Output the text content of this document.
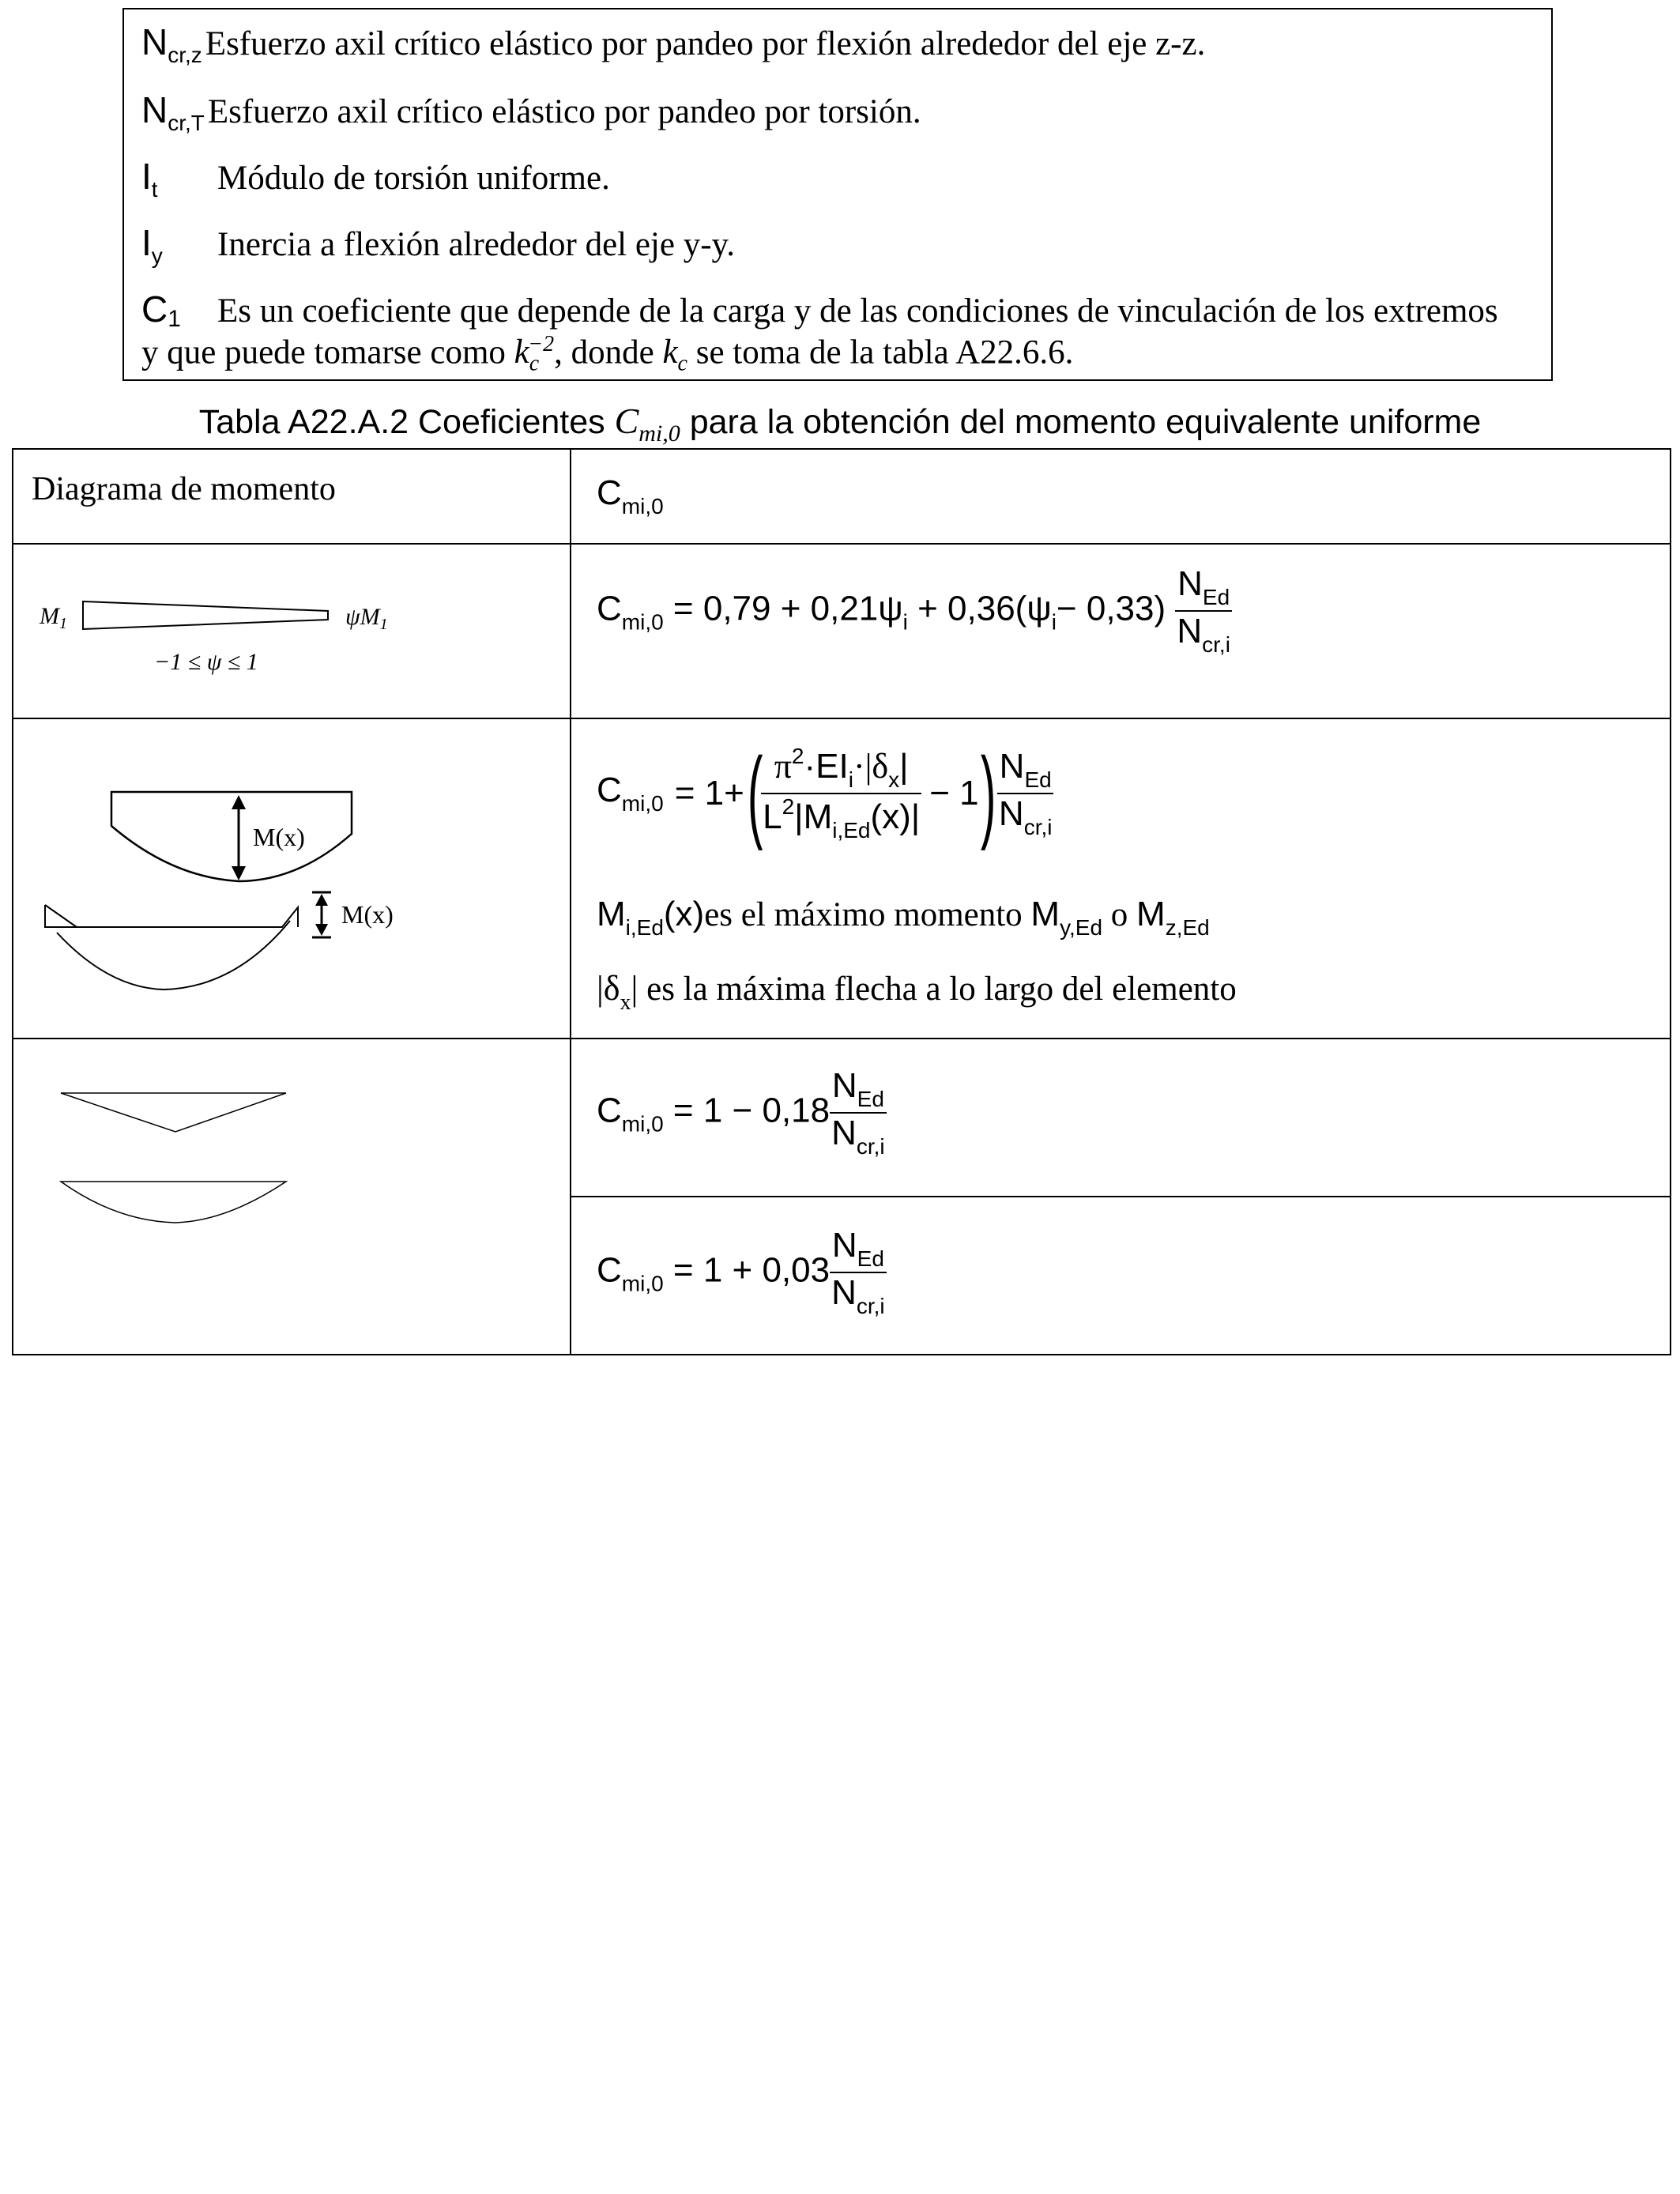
$N_{cr,z}$ Esfuerzo axil crítico elástico por pandeo por flexión alrededor del eje z-z.
$N_{cr,T}$ Esfuerzo axil crítico elástico por pandeo por torsión.
$I_t$ Módulo de torsión uniforme.
$I_y$ Inercia a flexión alrededor del eje y-y.
$C_1$ Es un coeficiente que depende de la carga y de las condiciones de vinculación de los extremos
y que puede tomarse como $k_c^{-2}$, donde $k_c$ se toma de la tabla A22.6.6.
Tabla A22.A.2 Coeficientes $C_{mi,0}$ para la obtención del momento equivalente uniforme
Diagrama de momento	$C_{mi,0}$
$M_1$	$\psi M_1$
−1 ≤ ψ ≤ 1
$C_{mi,0} = 0,79 + 0,21\psi_i + 0,36(\psi_i- 0,33) \frac{N_{Ed}}{N_{cr,i}}$
M(x)
M(x)
$C_{mi,0} = 1+$ (
$\frac{\pi^2\cdot EI_i\cdot|\delta_x|}{L^2|M_{i,Ed}(x)|} - 1$ ) $\frac{N_{Ed}}{N_{cr,i}}$
$M_{i,Ed}(x)es$ el máximo momento $M_{y,Ed}$ o $M_{z,Ed}$
$|\delta_x|$ es la máxima flecha a lo largo del elemento
$C_{mi,0} = 1 - 0,18 \frac{N_{Ed}}{N_{cr,i}}$
$C_{mi,0} = 1 + 0,03 \frac{N_{Ed}}{N_{cr,i}}$
